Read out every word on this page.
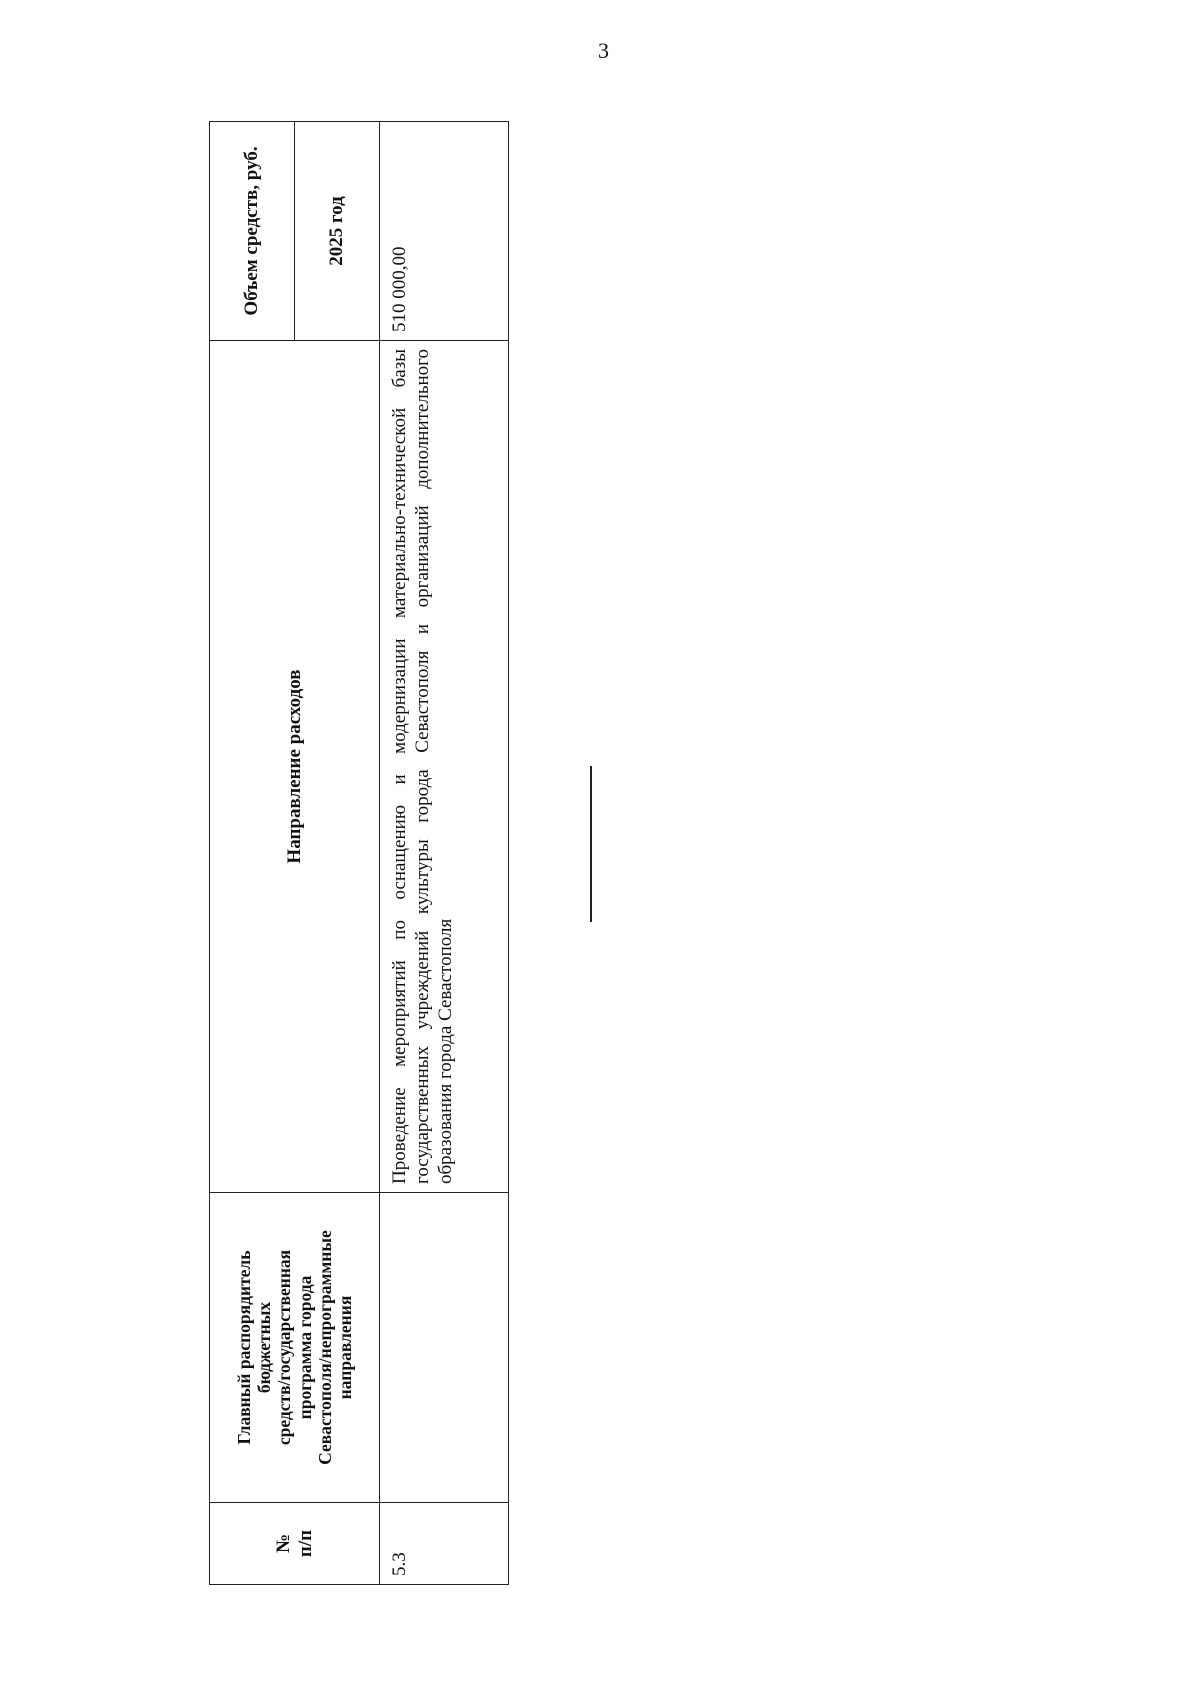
3
№ п/п
Главный распорядитель бюджетных средств/государственная программа города Севастополя/непрограммные направления
Направление расходов
Объем средств, руб.	2025 год
5.3
Проведение мероприятий по оснащению и модернизации материально-технической базы государственных учреждений культуры города Севастополя и организаций дополнительного образования города Севастополя
510 000,00
